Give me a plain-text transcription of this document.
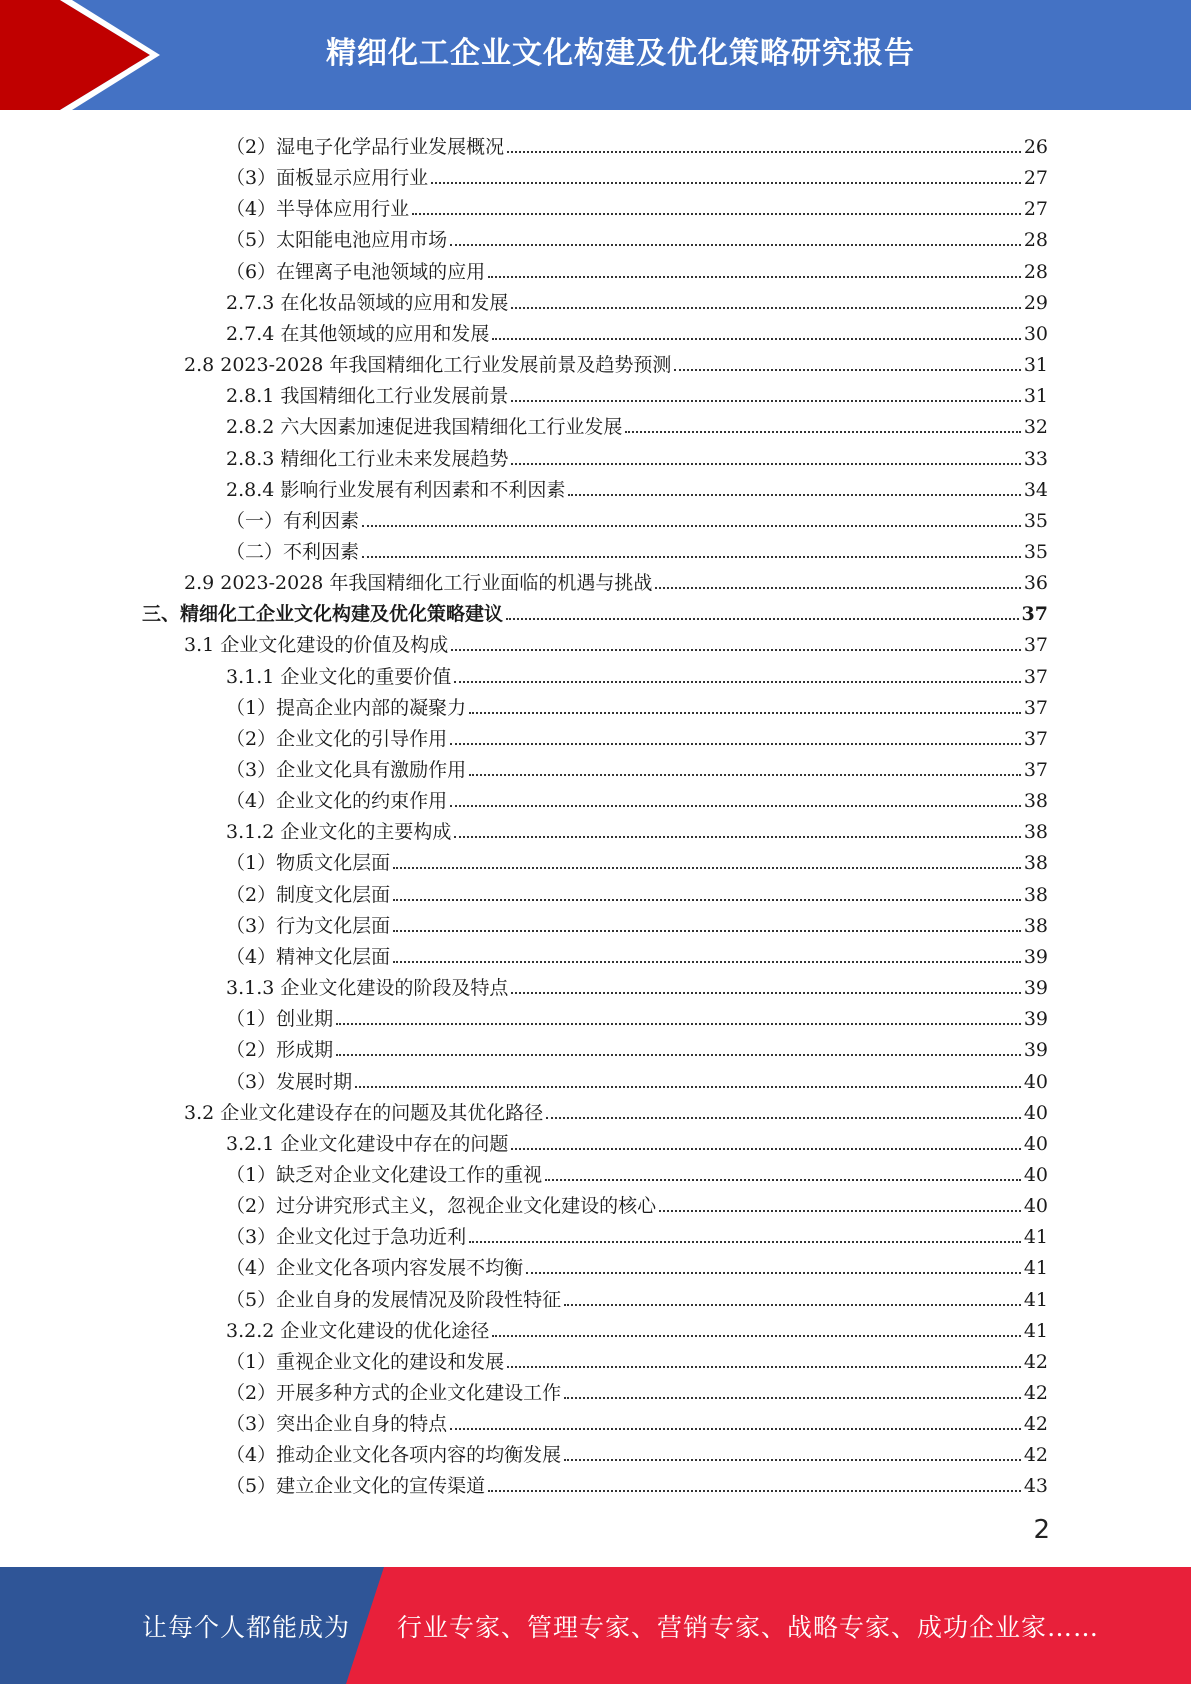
精细化工企业文化构建及优化策略研究报告
（2）湿电子化学品行业发展概况	26
（3）面板显示应用行业	27
（4）半导体应用行业	27
（5）太阳能电池应用市场	28
（6）在锂离子电池领域的应用	28
2.7.3 在化妆品领域的应用和发展	29
2.7.4 在其他领域的应用和发展	30
2.8 2023-2028 年我国精细化工行业发展前景及趋势预测	31
2.8.1 我国精细化工行业发展前景	31
2.8.2 六大因素加速促进我国精细化工行业发展	32
2.8.3 精细化工行业未来发展趋势	33
2.8.4 影响行业发展有利因素和不利因素	34
（一）有利因素	35
（二）不利因素	35
2.9 2023-2028 年我国精细化工行业面临的机遇与挑战	36
三、精细化工企业文化构建及优化策略建议	37
3.1 企业文化建设的价值及构成	37
3.1.1 企业文化的重要价值	37
（1）提高企业内部的凝聚力	37
（2）企业文化的引导作用	37
（3）企业文化具有激励作用	37
（4）企业文化的约束作用	38
3.1.2 企业文化的主要构成	38
（1）物质文化层面	38
（2）制度文化层面	38
（3）行为文化层面	38
（4）精神文化层面	39
3.1.3 企业文化建设的阶段及特点	39
（1）创业期	39
（2）形成期	39
（3）发展时期	40
3.2 企业文化建设存在的问题及其优化路径	40
3.2.1 企业文化建设中存在的问题	40
（1）缺乏对企业文化建设工作的重视	40
（2）过分讲究形式主义，忽视企业文化建设的核心	40
（3）企业文化过于急功近利	41
（4）企业文化各项内容发展不均衡	41
（5）企业自身的发展情况及阶段性特征	41
3.2.2 企业文化建设的优化途径	41
（1）重视企业文化的建设和发展	42
（2）开展多种方式的企业文化建设工作	42
（3）突出企业自身的特点	42
（4）推动企业文化各项内容的均衡发展	42
（5）建立企业文化的宣传渠道	43
2
让每个人都能成为 行业专家、管理专家、营销专家、战略专家、成功企业家……
